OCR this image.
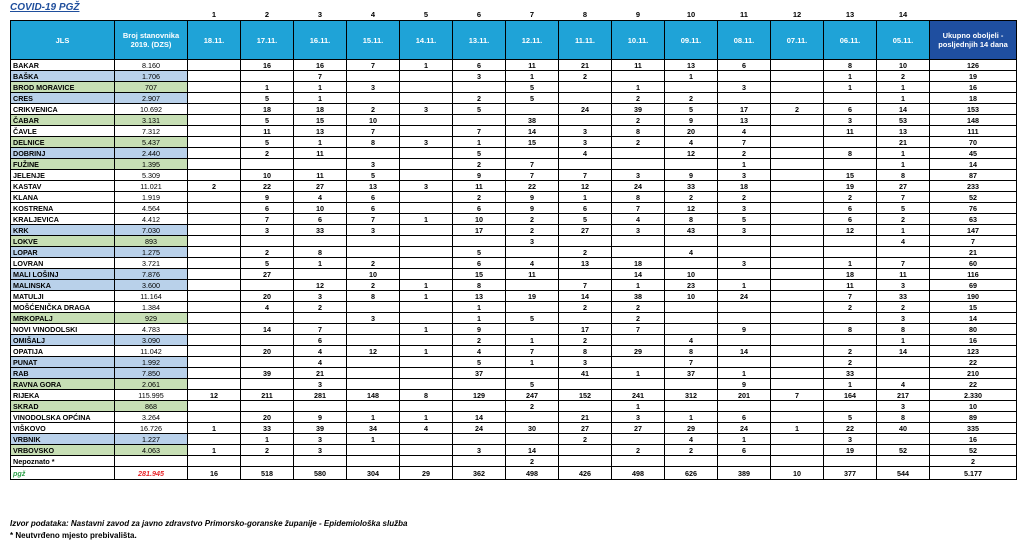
COVID-19 PGŽ
		1	2	3	4	5	6	7	8	9	10	11	12	13	14	
JLS	Broj stanovnika 2019. (DZS)	18.11.	17.11.	16.11.	15.11.	14.11.	13.11.	12.11.	11.11.	10.11.	09.11.	08.11.	07.11.	06.11.	05.11.	Ukupno oboljeli - posljednjih 14 dana
BAKAR	8.160		16	16	7	1	6	11	21	11	13	6		8	10	126
BAŠKA	1.706			7			3	1	2		1			1	2	19
BROD MORAVICE	707		1	1	3			5		1		3		1	1	16
CRES	2.907		5	1			2	5		2	2				1	18
CRIKVENICA	10.692		18	18	2	3	5		24	39	5	17	2	6	14	153
ČABAR	3.131		5	15	10			38		2	9	13		3	53	148
ČAVLE	7.312		11	13	7		7	14	3	8	20	4		11	13	111
DELNICE	5.437		5	1	8	3	1	15	3	2	4	7			21	70
DOBRINJ	2.440		2	11			5		4		12	2		8	1	45
FUŽINE	1.395				3		2	7				1			1	14
JELENJE	5.309		10	11	5		9	7	7	3	9	3		15	8	87
KASTAV	11.021	2	22	27	13	3	11	22	12	24	33	18		19	27	233
KLANA	1.919		9	4	6		2	9	1	8	2	2		2	7	52
KOSTRENA	4.564		6	10	6		6	9	6	7	12	3		6	5	76
KRALJEVICA	4.412		7	6	7	1	10	2	5	4	8	5		6	2	63
KRK	7.030		3	33	3		17	2	27	3	43	3		12	1	147
LOKVE	893							3							4	7
LOPAR	1.275		2	8			5		2		4					21
LOVRAN	3.721		5	1	2		6	4	13	18		3		1	7	60
MALI LOŠINJ	7.876		27		10		15	11		14	10			18	11	116
MALINSKA	3.600			12	2	1	8		7	1	23	1		11	3	69
MATULJI	11.164		20	3	8	1	13	19	14	38	10	24		7	33	190
MOŠĆENIČKA DRAGA	1.384		4	2			1		2	2				2	2	15
MRKOPALJ	929				3		1	5		2					3	14
NOVI VINODOLSKI	4.783		14	7		1	9		17	7		9		8	8	80
OMIŠALJ	3.090			6			2	1	2		4				1	16
OPATIJA	11.042		20	4	12	1	4	7	8	29	8	14		2	14	123
PUNAT	1.992			4			5	1	3		7			2		22
RAB	7.850		39	21			37		41	1	37	1		33		210
RAVNA GORA	2.061			3				5				9		1	4	22
RIJEKA	115.995	12	211	281	148	8	129	247	152	241	312	201	7	164	217	2.330
SKRAD	868							2		1					3	10
VINODOLSKA OPĆINA	3.264		20	9	1	1	14		21	3	1	6		5	8	89
VIŠKOVO	16.726	1	33	39	34	4	24	30	27	27	29	24	1	22	40	335
VRBNIK	1.227		1	3	1				2		4	1		3		16
VRBOVSKO	4.063	1	2	3			3	14		2	2	6		19	52	52
Nepoznato *								2								2
pgž	281.945	16	518	580	304	29	362	498	426	498	626	389	10	377	544	5.177
Izvor podataka: Nastavni zavod za javno zdravstvo Primorsko-goranske županije - Epidemiološka služba
* Neutvrđeno mjesto prebivališta.
